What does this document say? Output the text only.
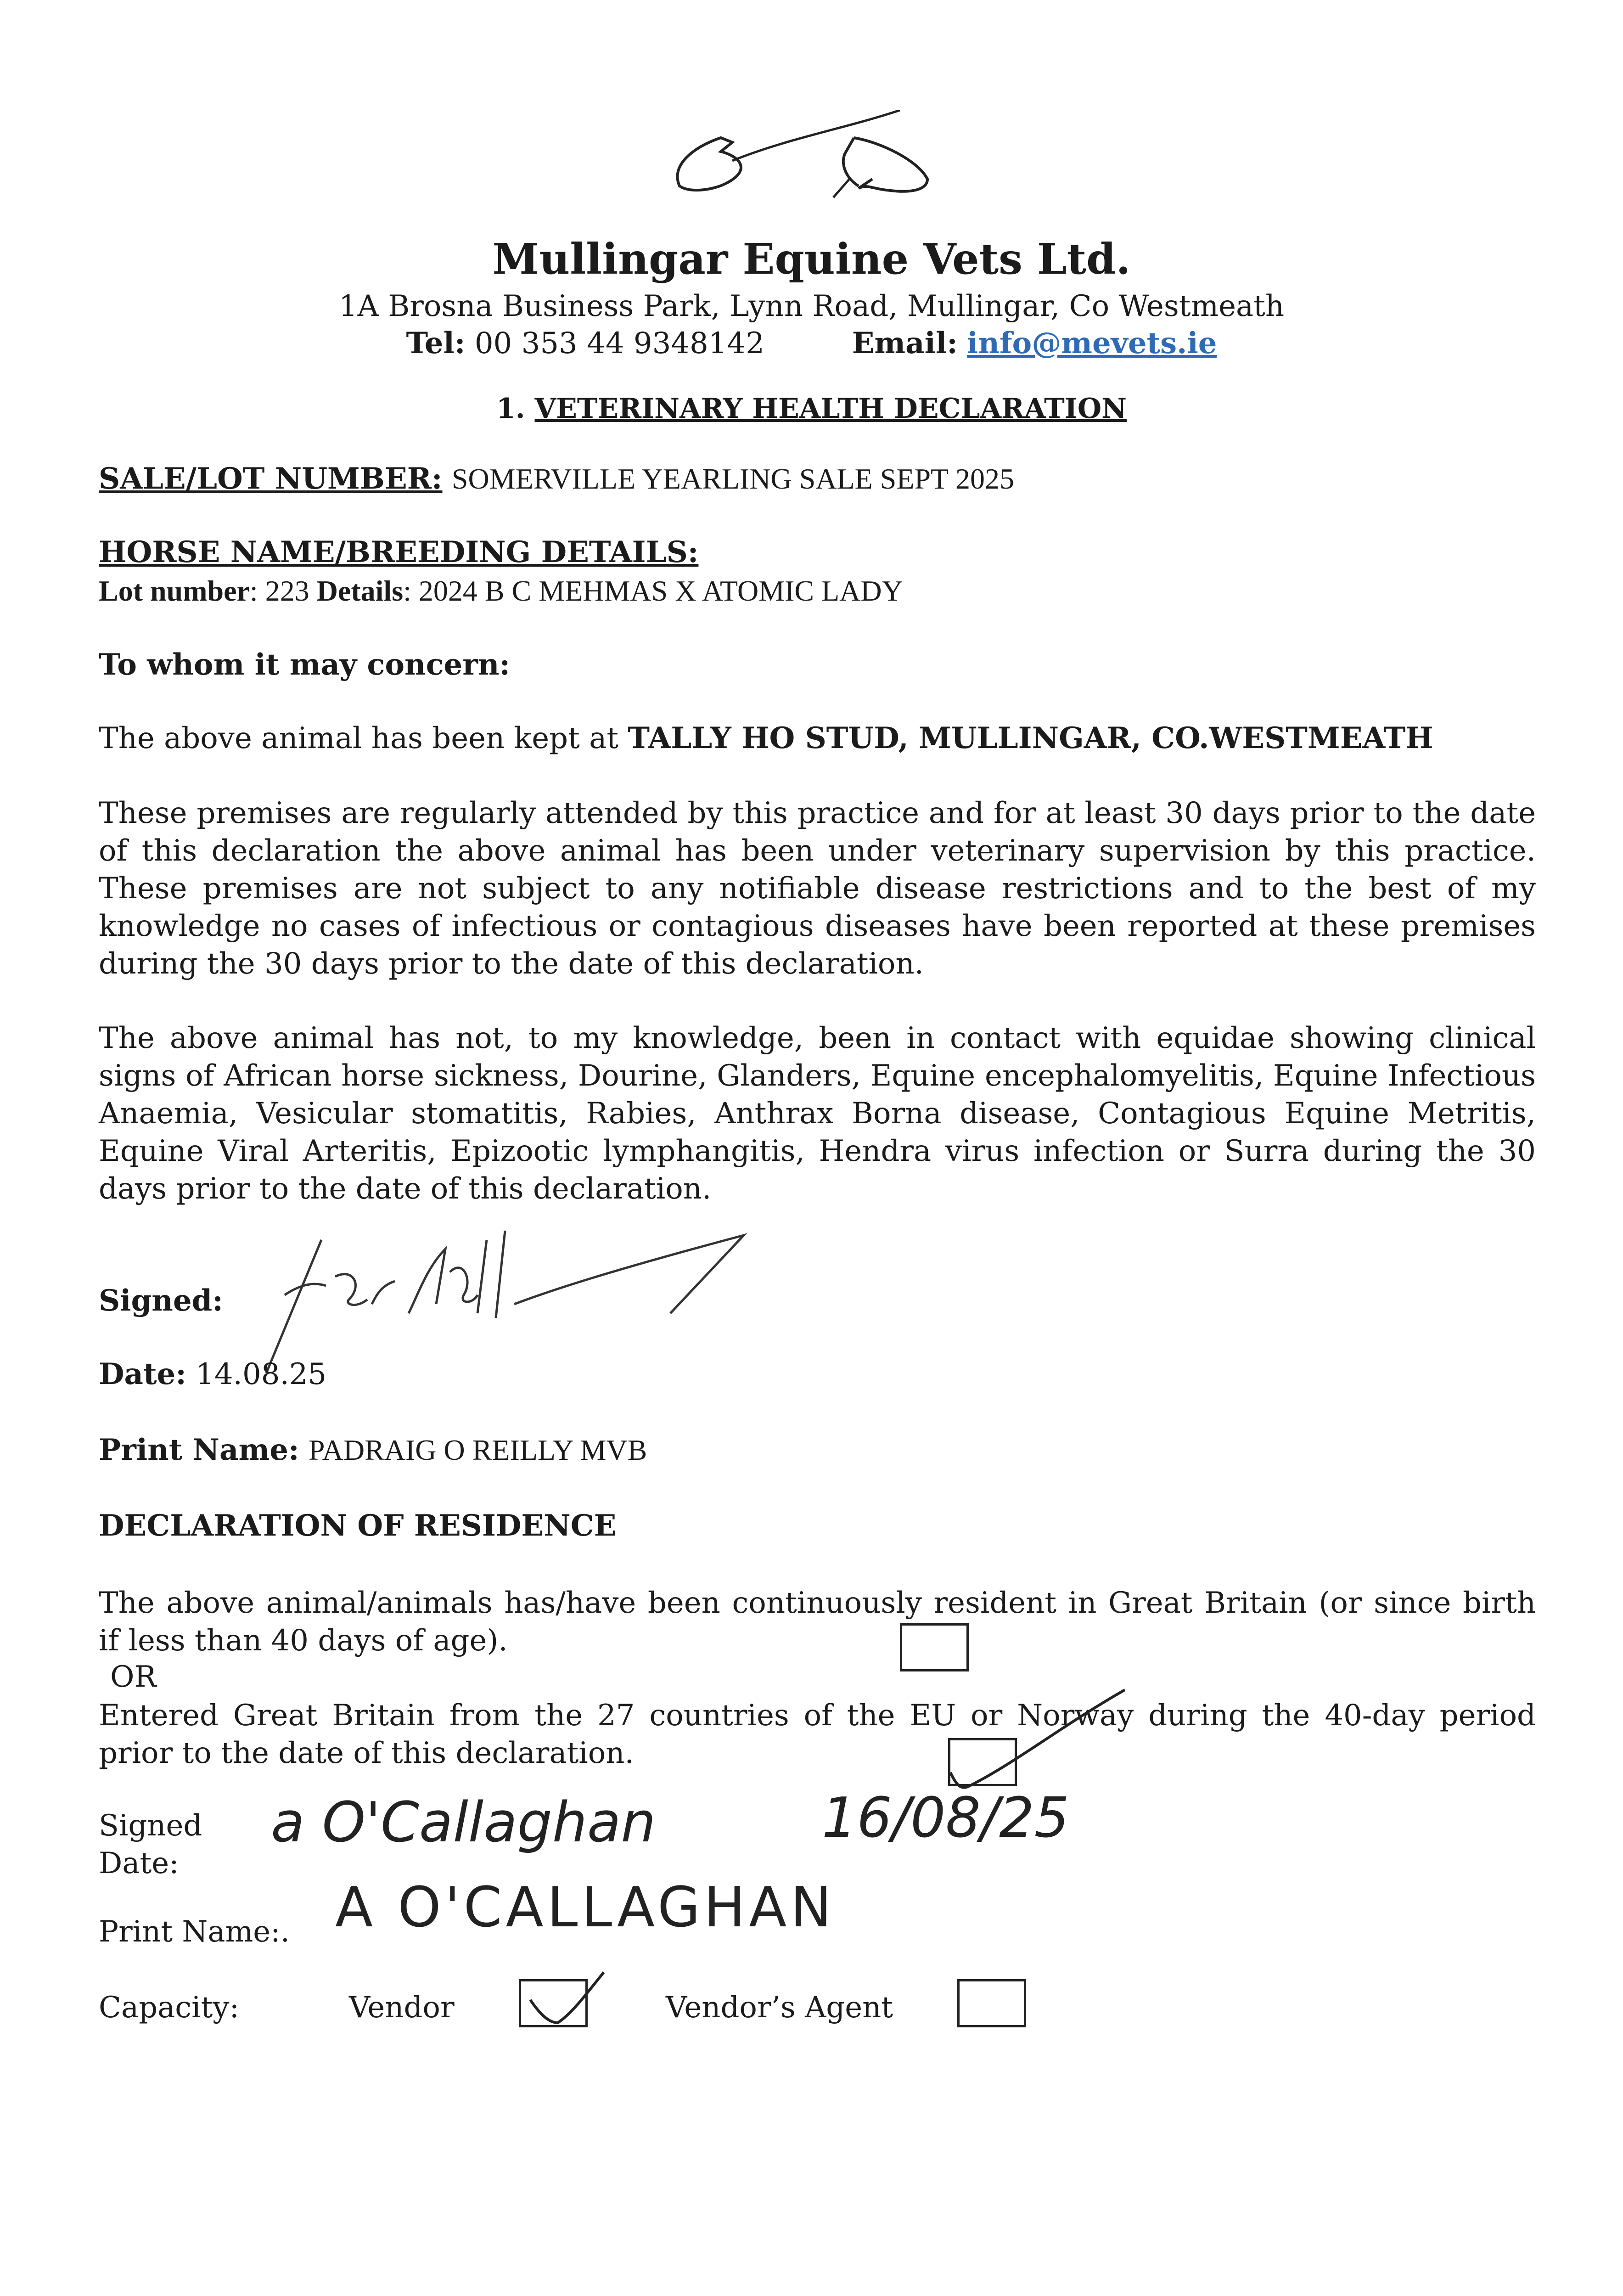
Mullingar Equine Vets Ltd.
1A Brosna Business Park, Lynn Road, Mullingar, Co Westmeath
Tel: 00 353 44 9348142	Email: info@mevets.ie
1. VETERINARY HEALTH DECLARATION
SALE/LOT NUMBER: SOMERVILLE YEARLING SALE SEPT 2025
HORSE NAME/BREEDING DETAILS:
Lot number: 223 Details: 2024 B C MEHMAS X ATOMIC LADY
To whom it may concern:
The above animal has been kept at TALLY HO STUD, MULLINGAR, CO.WESTMEATH
These premises are regularly attended by this practice and for at least 30 days prior to the date of this declaration the above animal has been under veterinary supervision by this practice. These premises are not subject to any notifiable disease restrictions and to the best of my knowledge no cases of infectious or contagious diseases have been reported at these premises during the 30 days prior to the date of this declaration.
The above animal has not, to my knowledge, been in contact with equidae showing clinical signs of African horse sickness, Dourine, Glanders, Equine encephalomyelitis, Equine Infectious Anaemia, Vesicular stomatitis, Rabies, Anthrax Borna disease, Contagious Equine Metritis, Equine Viral Arteritis, Epizootic lymphangitis, Hendra virus infection or Surra during the 30 days prior to the date of this declaration.
Signed:
Date: 14.08.25
Print Name: PADRAIG O REILLY MVB
DECLARATION OF RESIDENCE
The above animal/animals has/have been continuously resident in Great Britain (or since birth if less than 40 days of age).
OR
Entered Great Britain from the 27 countries of the EU or Norway during the 40-day period prior to the date of this declaration.
Signed
Date:
a O'Callaghan	16/08/25
Print Name:. A O'CALLAGHAN
Capacity:	Vendor	Vendor’s Agent
